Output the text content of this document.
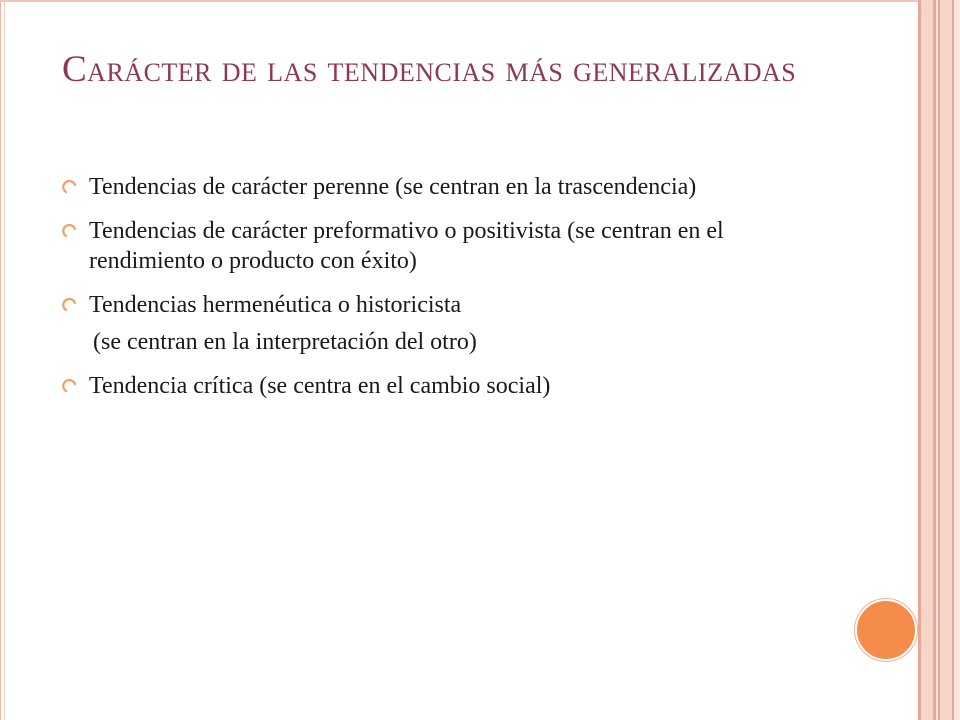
Carácter de las tendencias más generalizadas
Tendencias de carácter perenne (se centran en la trascendencia)
Tendencias de carácter preformativo o positivista (se centran en el rendimiento o producto con éxito)
Tendencias hermenéutica o historicista
(se centran en la interpretación del otro)
Tendencia crítica (se centra en el cambio social)
